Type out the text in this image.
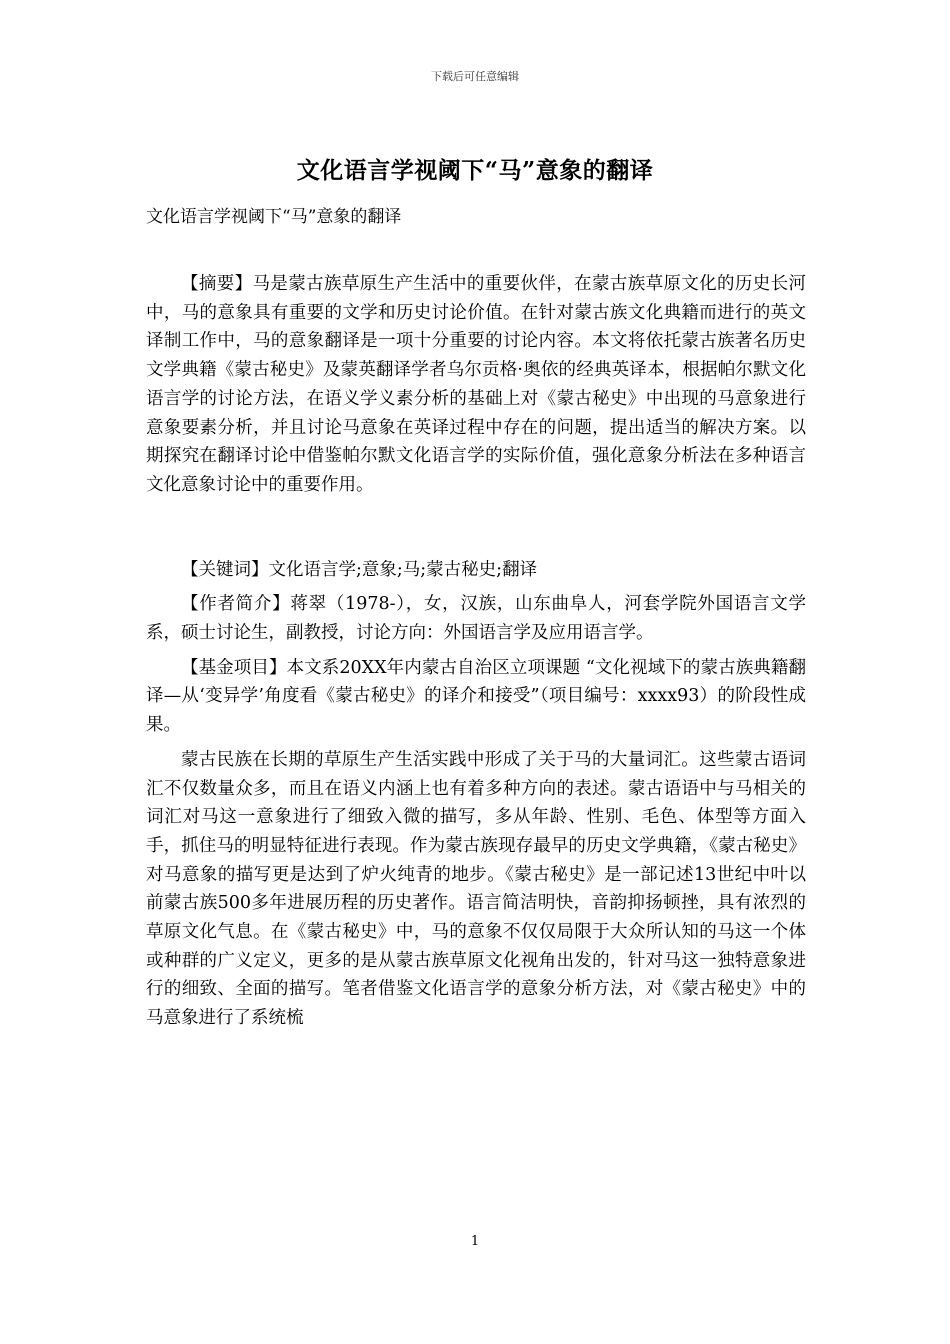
下载后可任意编辑
文化语言学视阈下“马”意象的翻译
文化语言学视阈下“马”意象的翻译

【摘要】马是蒙古族草原生产生活中的重要伙伴，在蒙古族草原文化的历史长河中，马的意象具有重要的文学和历史讨论价值。在针对蒙古族文化典籍而进行的英文译制工作中，马的意象翻译是一项十分重要的讨论内容。本文将依托蒙古族著名历史文学典籍《蒙古秘史》及蒙英翻译学者乌尔贡格·奥依的经典英译本，根据帕尔默文化语言学的讨论方法，在语义学义素分析的基础上对《蒙古秘史》中出现的马意象进行意象要素分析，并且讨论马意象在英译过程中存在的问题，提出适当的解决方案。以期探究在翻译讨论中借鉴帕尔默文化语言学的实际价值，强化意象分析法在多种语言文化意象讨论中的重要作用。

【关键词】文化语言学;意象;马;蒙古秘史;翻译

【作者简介】蒋翠（1978-），女，汉族，山东曲阜人，河套学院外国语言文学系，硕士讨论生，副教授，讨论方向：外国语言学及应用语言学。

【基金项目】本文系20XX年内蒙古自治区立项课题 “文化视域下的蒙古族典籍翻译—从‘变异学’角度看《蒙古秘史》的译介和接受”（项目编号：xxxx93）的阶段性成果。

蒙古民族在长期的草原生产生活实践中形成了关于马的大量词汇。这些蒙古语词汇不仅数量众多，而且在语义内涵上也有着多种方向的表述。蒙古语语中与马相关的词汇对马这一意象进行了细致入微的描写，多从年龄、性别、毛色、体型等方面入手，抓住马的明显特征进行表现。作为蒙古族现存最早的历史文学典籍，《蒙古秘史》对马意象的描写更是达到了炉火纯青的地步。《蒙古秘史》是一部记述13世纪中叶以前蒙古族500多年进展历程的历史著作。语言简洁明快，音韵抑扬顿挫，具有浓烈的草原文化气息。在《蒙古秘史》中，马的意象不仅仅局限于大众所认知的马这一个体或种群的广义定义，更多的是从蒙古族草原文化视角出发的，针对马这一独特意象进行的细致、全面的描写。笔者借鉴文化语言学的意象分析方法，对《蒙古秘史》中的马意象进行了系统梳

1
